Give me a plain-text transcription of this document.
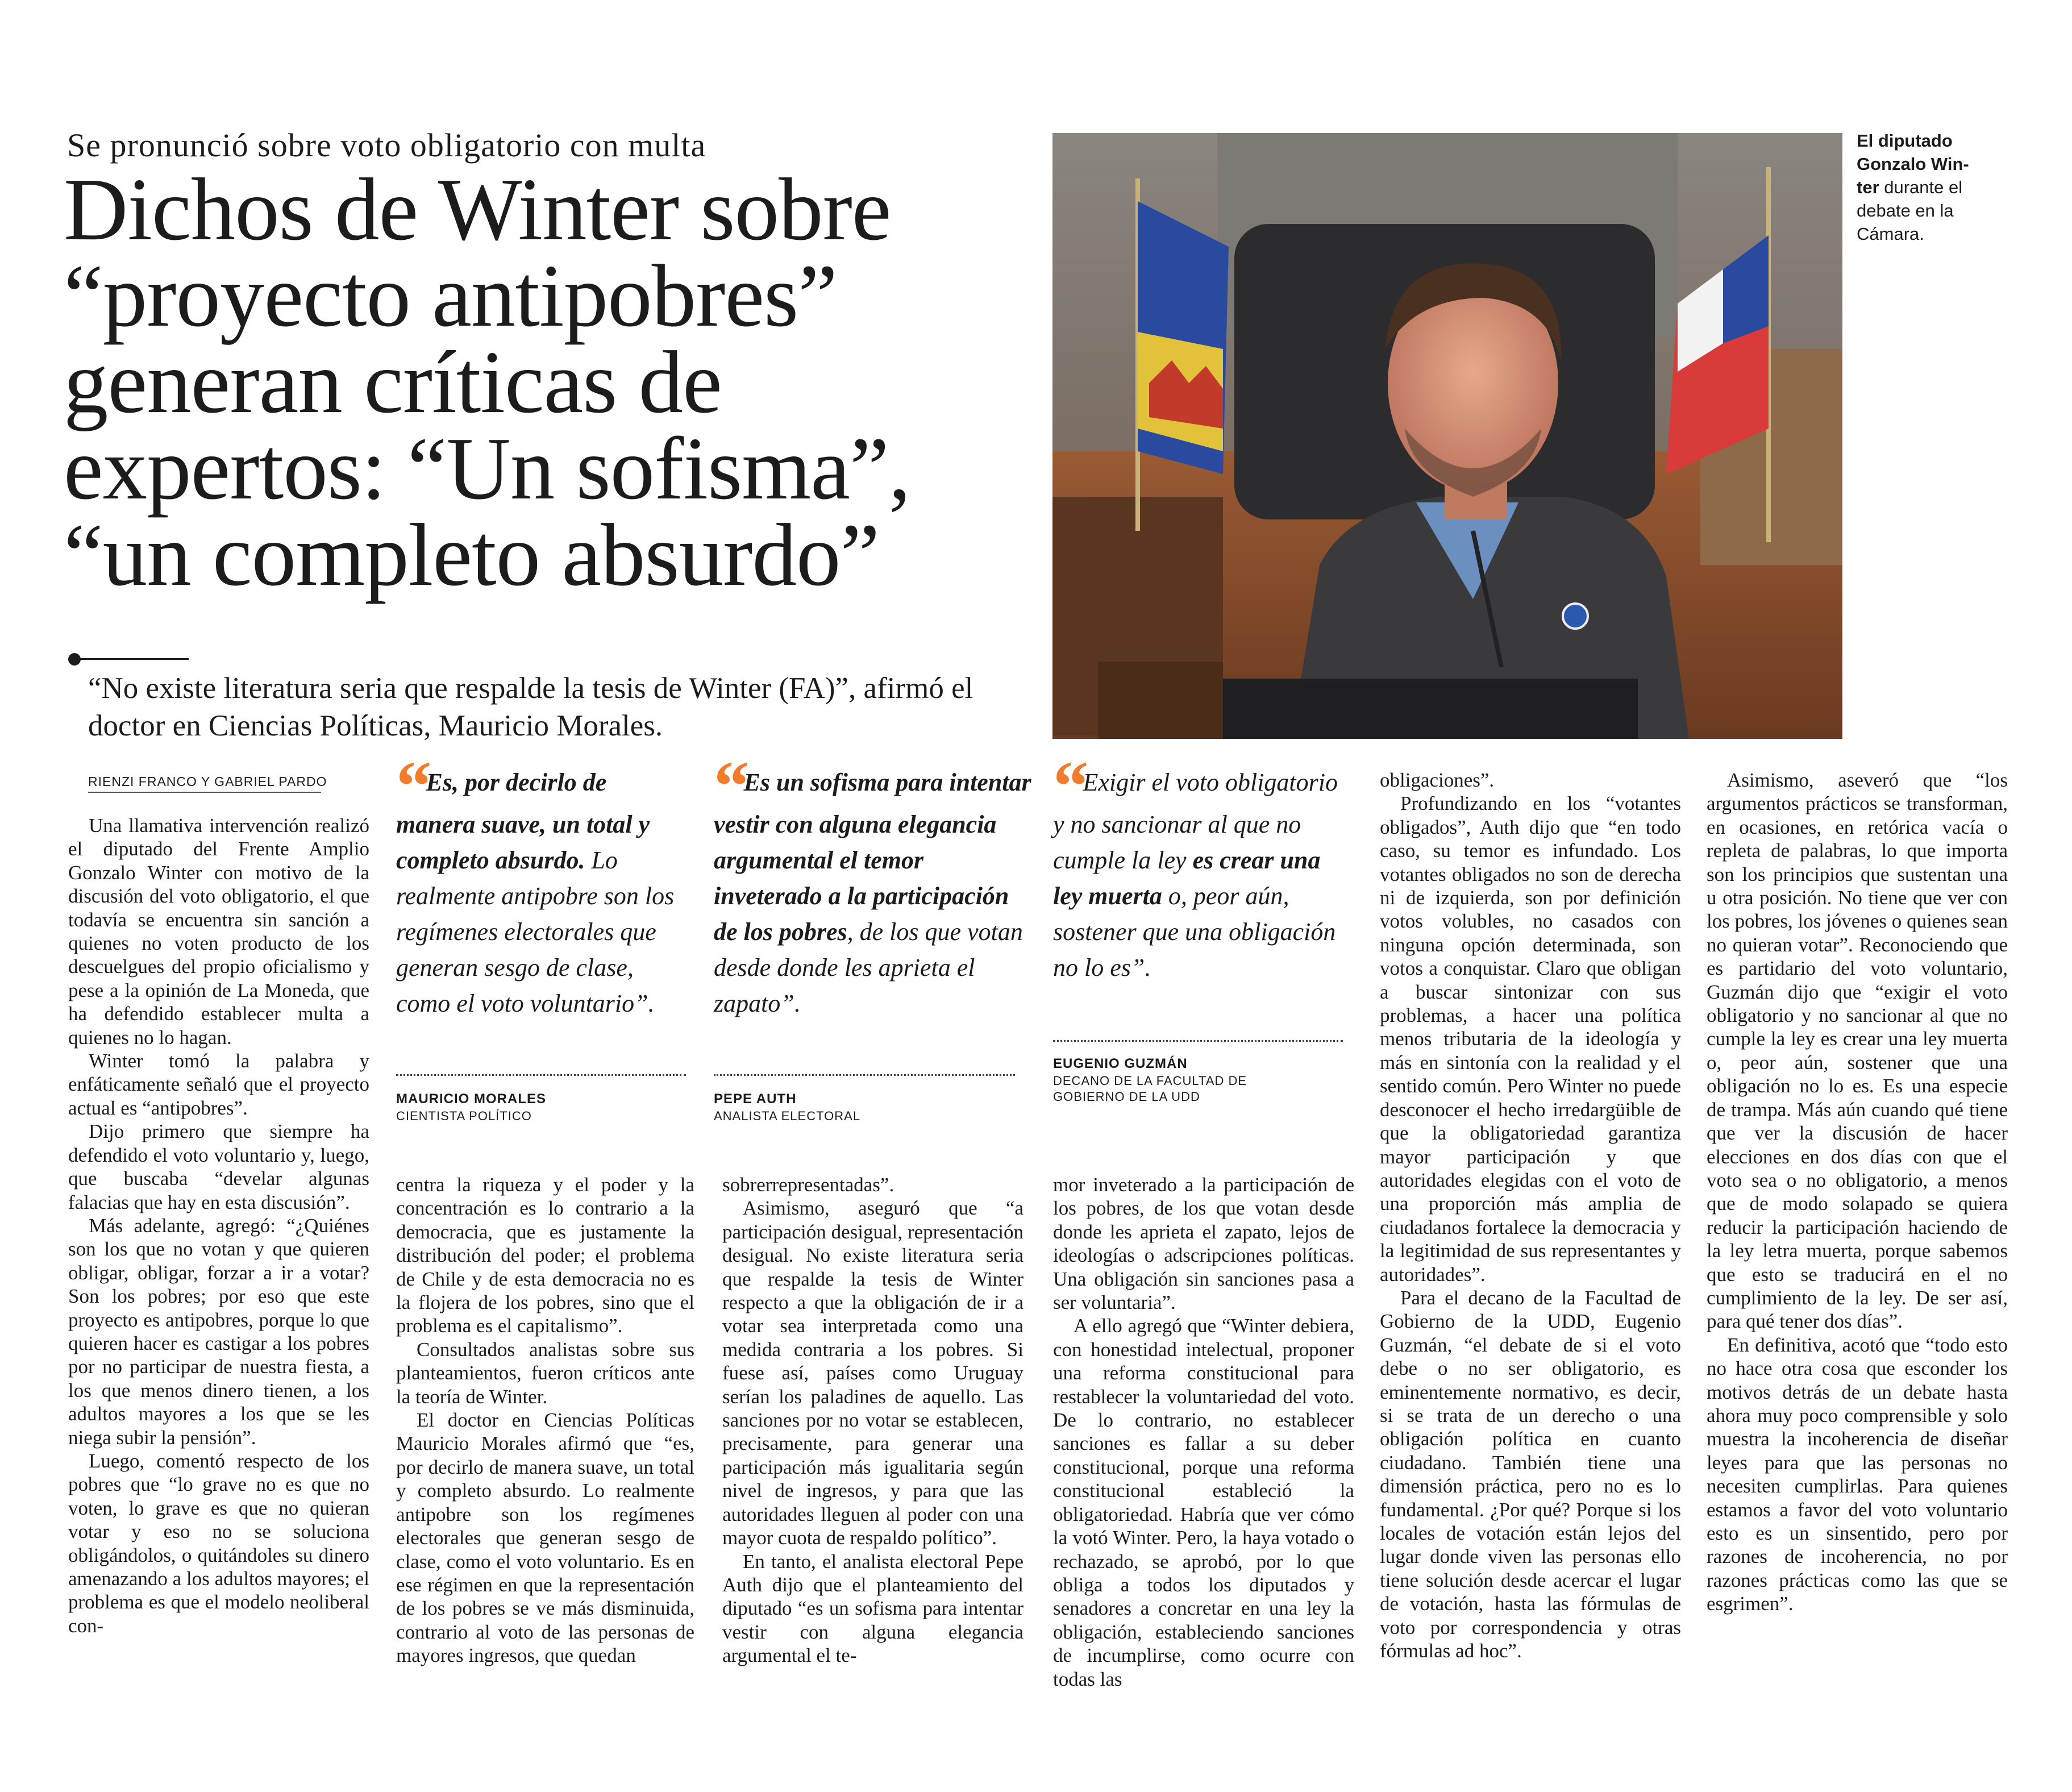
Se pronunció sobre voto obligatorio con multa
Dichos de Winter sobre
“proyecto antipobres”
generan críticas de
expertos: “Un sofisma”,
“un completo absurdo”
“No existe literatura seria que respalde la tesis de Winter (FA)”, afirmó el doctor en Ciencias Políticas, Mauricio Morales.
El diputado
Gonzalo Win-
ter durante el debate en la Cámara.
RIENZI FRANCO Y GABRIEL PARDO

Una llamativa intervención realizó el diputado del Frente Amplio Gonzalo Winter con motivo de la discusión del voto obligatorio, el que todavía se encuentra sin sanción a quienes no voten producto de los descuelgues del propio oficialismo y pese a la opinión de La Moneda, que ha defendido establecer multa a quienes no lo hagan.

Winter tomó la palabra y enfáticamente señaló que el proyecto actual es “antipobres”.

Dijo primero que siempre ha defendido el voto voluntario y, luego, que buscaba “develar algunas falacias que hay en esta discusión”.

Más adelante, agregó: “¿Quiénes son los que no votan y que quieren obligar, obligar, forzar a ir a votar? Son los pobres; por eso que este proyecto es antipobres, porque lo que quieren hacer es castigar a los pobres por no participar de nuestra fiesta, a los que menos dinero tienen, a los adultos mayores a los que se les niega subir la pensión”.

Luego, comentó respecto de los pobres que “lo grave no es que no voten, lo grave es que no quieran votar y eso no se soluciona obligándolos, o quitándoles su dinero amenazando a los adultos mayores; el problema es que el modelo neoliberal con-

“ Es, por decirlo de manera suave, un total y completo absurdo. Lo realmente antipobre son los regímenes electorales que generan sesgo de clase, como el voto voluntario”.
MAURICIO MORALES
CIENTISTA POLÍTICO
“ Es un sofisma para intentar vestir con alguna elegancia argumental el temor inveterado a la participación de los pobres, de los que votan desde donde les aprieta el zapato”.
PEPE AUTH
ANALISTA ELECTORAL
“ Exigir el voto obligatorio y no sancionar al que no cumple la ley es crear una ley muerta o, peor aún, sostener que una obligación no lo es”.
EUGENIO GUZMÁN
DECANO DE LA FACULTAD DE GOBIERNO DE LA UDD

centra la riqueza y el poder y la concentración es lo contrario a la democracia, que es justamente la distribución del poder; el problema de Chile y de esta democracia no es la flojera de los pobres, sino que el problema es el capitalismo”.

Consultados analistas sobre sus planteamientos, fueron críticos ante la teoría de Winter.

El doctor en Ciencias Políticas Mauricio Morales afirmó que “es, por decirlo de manera suave, un total y completo absurdo. Lo realmente antipobre son los regímenes electorales que generan sesgo de clase, como el voto voluntario. Es en ese régimen en que la representación de los pobres se ve más disminuida, contrario al voto de las personas de mayores ingresos, que quedan

sobrerrepresentadas”.

Asimismo, aseguró que “a participación desigual, representación desigual. No existe literatura seria que respalde la tesis de Winter respecto a que la obligación de ir a votar sea interpretada como una medida contraria a los pobres. Si fuese así, países como Uruguay serían los paladines de aquello. Las sanciones por no votar se establecen, precisamente, para generar una participación más igualitaria según nivel de ingresos, y para que las autoridades lleguen al poder con una mayor cuota de respaldo político”.

En tanto, el analista electoral Pepe Auth dijo que el planteamiento del diputado “es un sofisma para intentar vestir con alguna elegancia argumental el te-

mor inveterado a la participación de los pobres, de los que votan desde donde les aprieta el zapato, lejos de ideologías o adscripciones políticas. Una obligación sin sanciones pasa a ser voluntaria”.

A ello agregó que “Winter debiera, con honestidad intelectual, proponer una reforma constitucional para restablecer la voluntariedad del voto. De lo contrario, no establecer sanciones es fallar a su deber constitucional, porque una reforma constitucional estableció la obligatoriedad. Habría que ver cómo la votó Winter. Pero, la haya votado o rechazado, se aprobó, por lo que obliga a todos los diputados y senadores a concretar en una ley la obligación, estableciendo sanciones de incumplirse, como ocurre con todas las

obligaciones”.

Profundizando en los “votantes obligados”, Auth dijo que “en todo caso, su temor es infundado. Los votantes obligados no son de derecha ni de izquierda, son por definición votos volubles, no casados con ninguna opción determinada, son votos a conquistar. Claro que obligan a buscar sintonizar con sus problemas, a hacer una política menos tributaria de la ideología y más en sintonía con la realidad y el sentido común. Pero Winter no puede desconocer el hecho irredargüible de que la obligatoriedad garantiza mayor participación y que autoridades elegidas con el voto de una proporción más amplia de ciudadanos fortalece la democracia y la legitimidad de sus representantes y autoridades”.

Para el decano de la Facultad de Gobierno de la UDD, Eugenio Guzmán, “el debate de si el voto debe o no ser obligatorio, es eminentemente normativo, es decir, si se trata de un derecho o una obligación política en cuanto ciudadano. También tiene una dimensión práctica, pero no es lo fundamental. ¿Por qué? Porque si los locales de votación están lejos del lugar donde viven las personas ello tiene solución desde acercar el lugar de votación, hasta las fórmulas de voto por correspondencia y otras fórmulas ad hoc”.

Asimismo, aseveró que “los argumentos prácticos se transforman, en ocasiones, en retórica vacía o repleta de palabras, lo que importa son los principios que sustentan una u otra posición. No tiene que ver con los pobres, los jóvenes o quienes sean no quieran votar”. Reconociendo que es partidario del voto voluntario, Guzmán dijo que “exigir el voto obligatorio y no sancionar al que no cumple la ley es crear una ley muerta o, peor aún, sostener que una obligación no lo es. Es una especie de trampa. Más aún cuando qué tiene que ver la discusión de hacer elecciones en dos días con que el voto sea o no obligatorio, a menos que de modo solapado se quiera reducir la participación haciendo de la ley letra muerta, porque sabemos que esto se traducirá en el no cumplimiento de la ley. De ser así, para qué tener dos días”.

En definitiva, acotó que “todo esto no hace otra cosa que esconder los motivos detrás de un debate hasta ahora muy poco comprensible y solo muestra la incoherencia de diseñar leyes para que las personas no necesiten cumplirlas. Para quienes estamos a favor del voto voluntario esto es un sinsentido, pero por razones de incoherencia, no por razones prácticas como las que se esgrimen”.
